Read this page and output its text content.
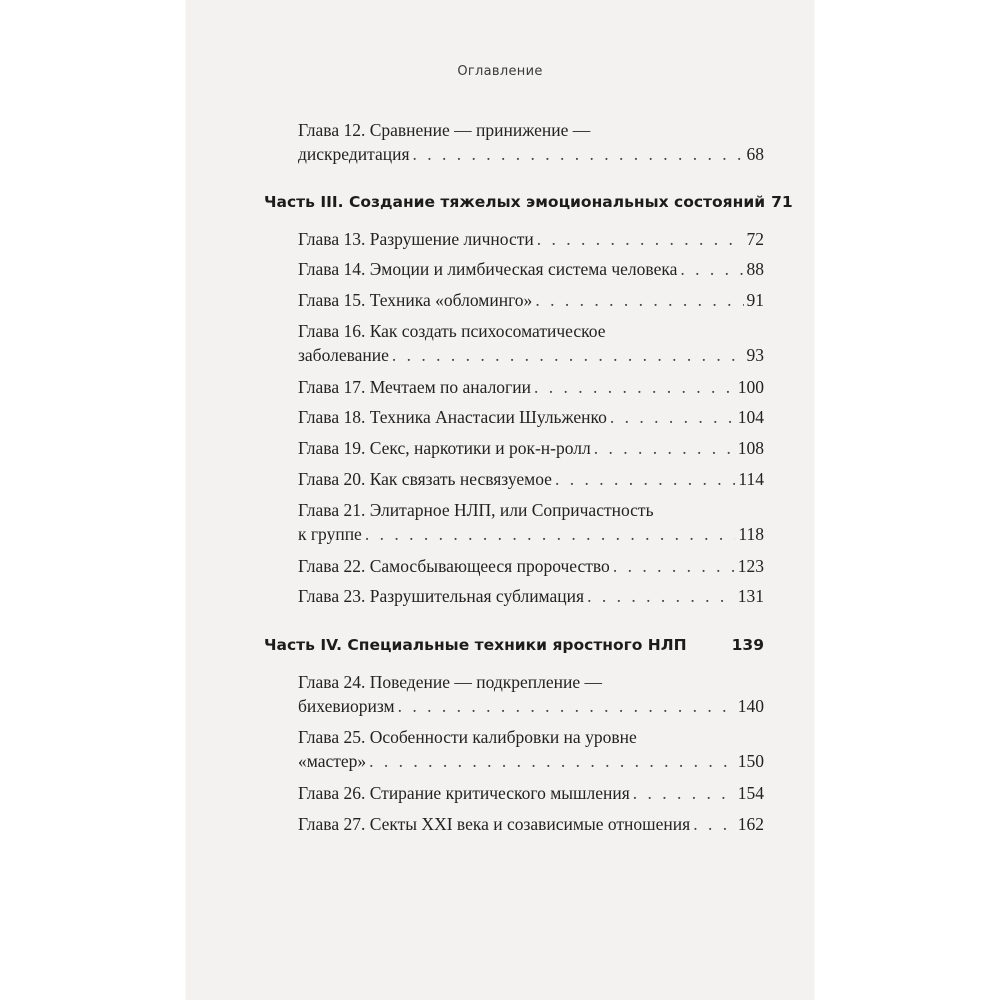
Оглавление
Глава 12. Сравнение — принижение —
дискредитация . . .	68
Часть III. Создание тяжелых эмоциональных состояний 71
Глава 13. Разрушение личности . . .	72
Глава 14. Эмоции и лимбическая система человека . . .	88
Глава 15. Техника «обломинго» . . .	91
Глава 16. Как создать психосоматическое
заболевание . . .	93
Глава 17. Мечтаем по аналогии . . .	100
Глава 18. Техника Анастасии Шульженко . . .	104
Глава 19. Секс, наркотики и рок-н-ролл . . .	108
Глава 20. Как связать несвязуемое . . .	114
Глава 21. Элитарное НЛП, или Сопричастность
к группе . . .	118
Глава 22. Самосбывающееся пророчество . . .	123
Глава 23. Разрушительная сублимация . . .	131
Часть IV. Специальные техники яростного НЛП	139
Глава 24. Поведение — подкрепление —
бихевиоризм . . .	140
Глава 25. Особенности калибровки на уровне
«мастер» . . .	150
Глава 26. Стирание критического мышления . . .	154
Глава 27. Секты XXI века и созависимые отношения . . .	162
